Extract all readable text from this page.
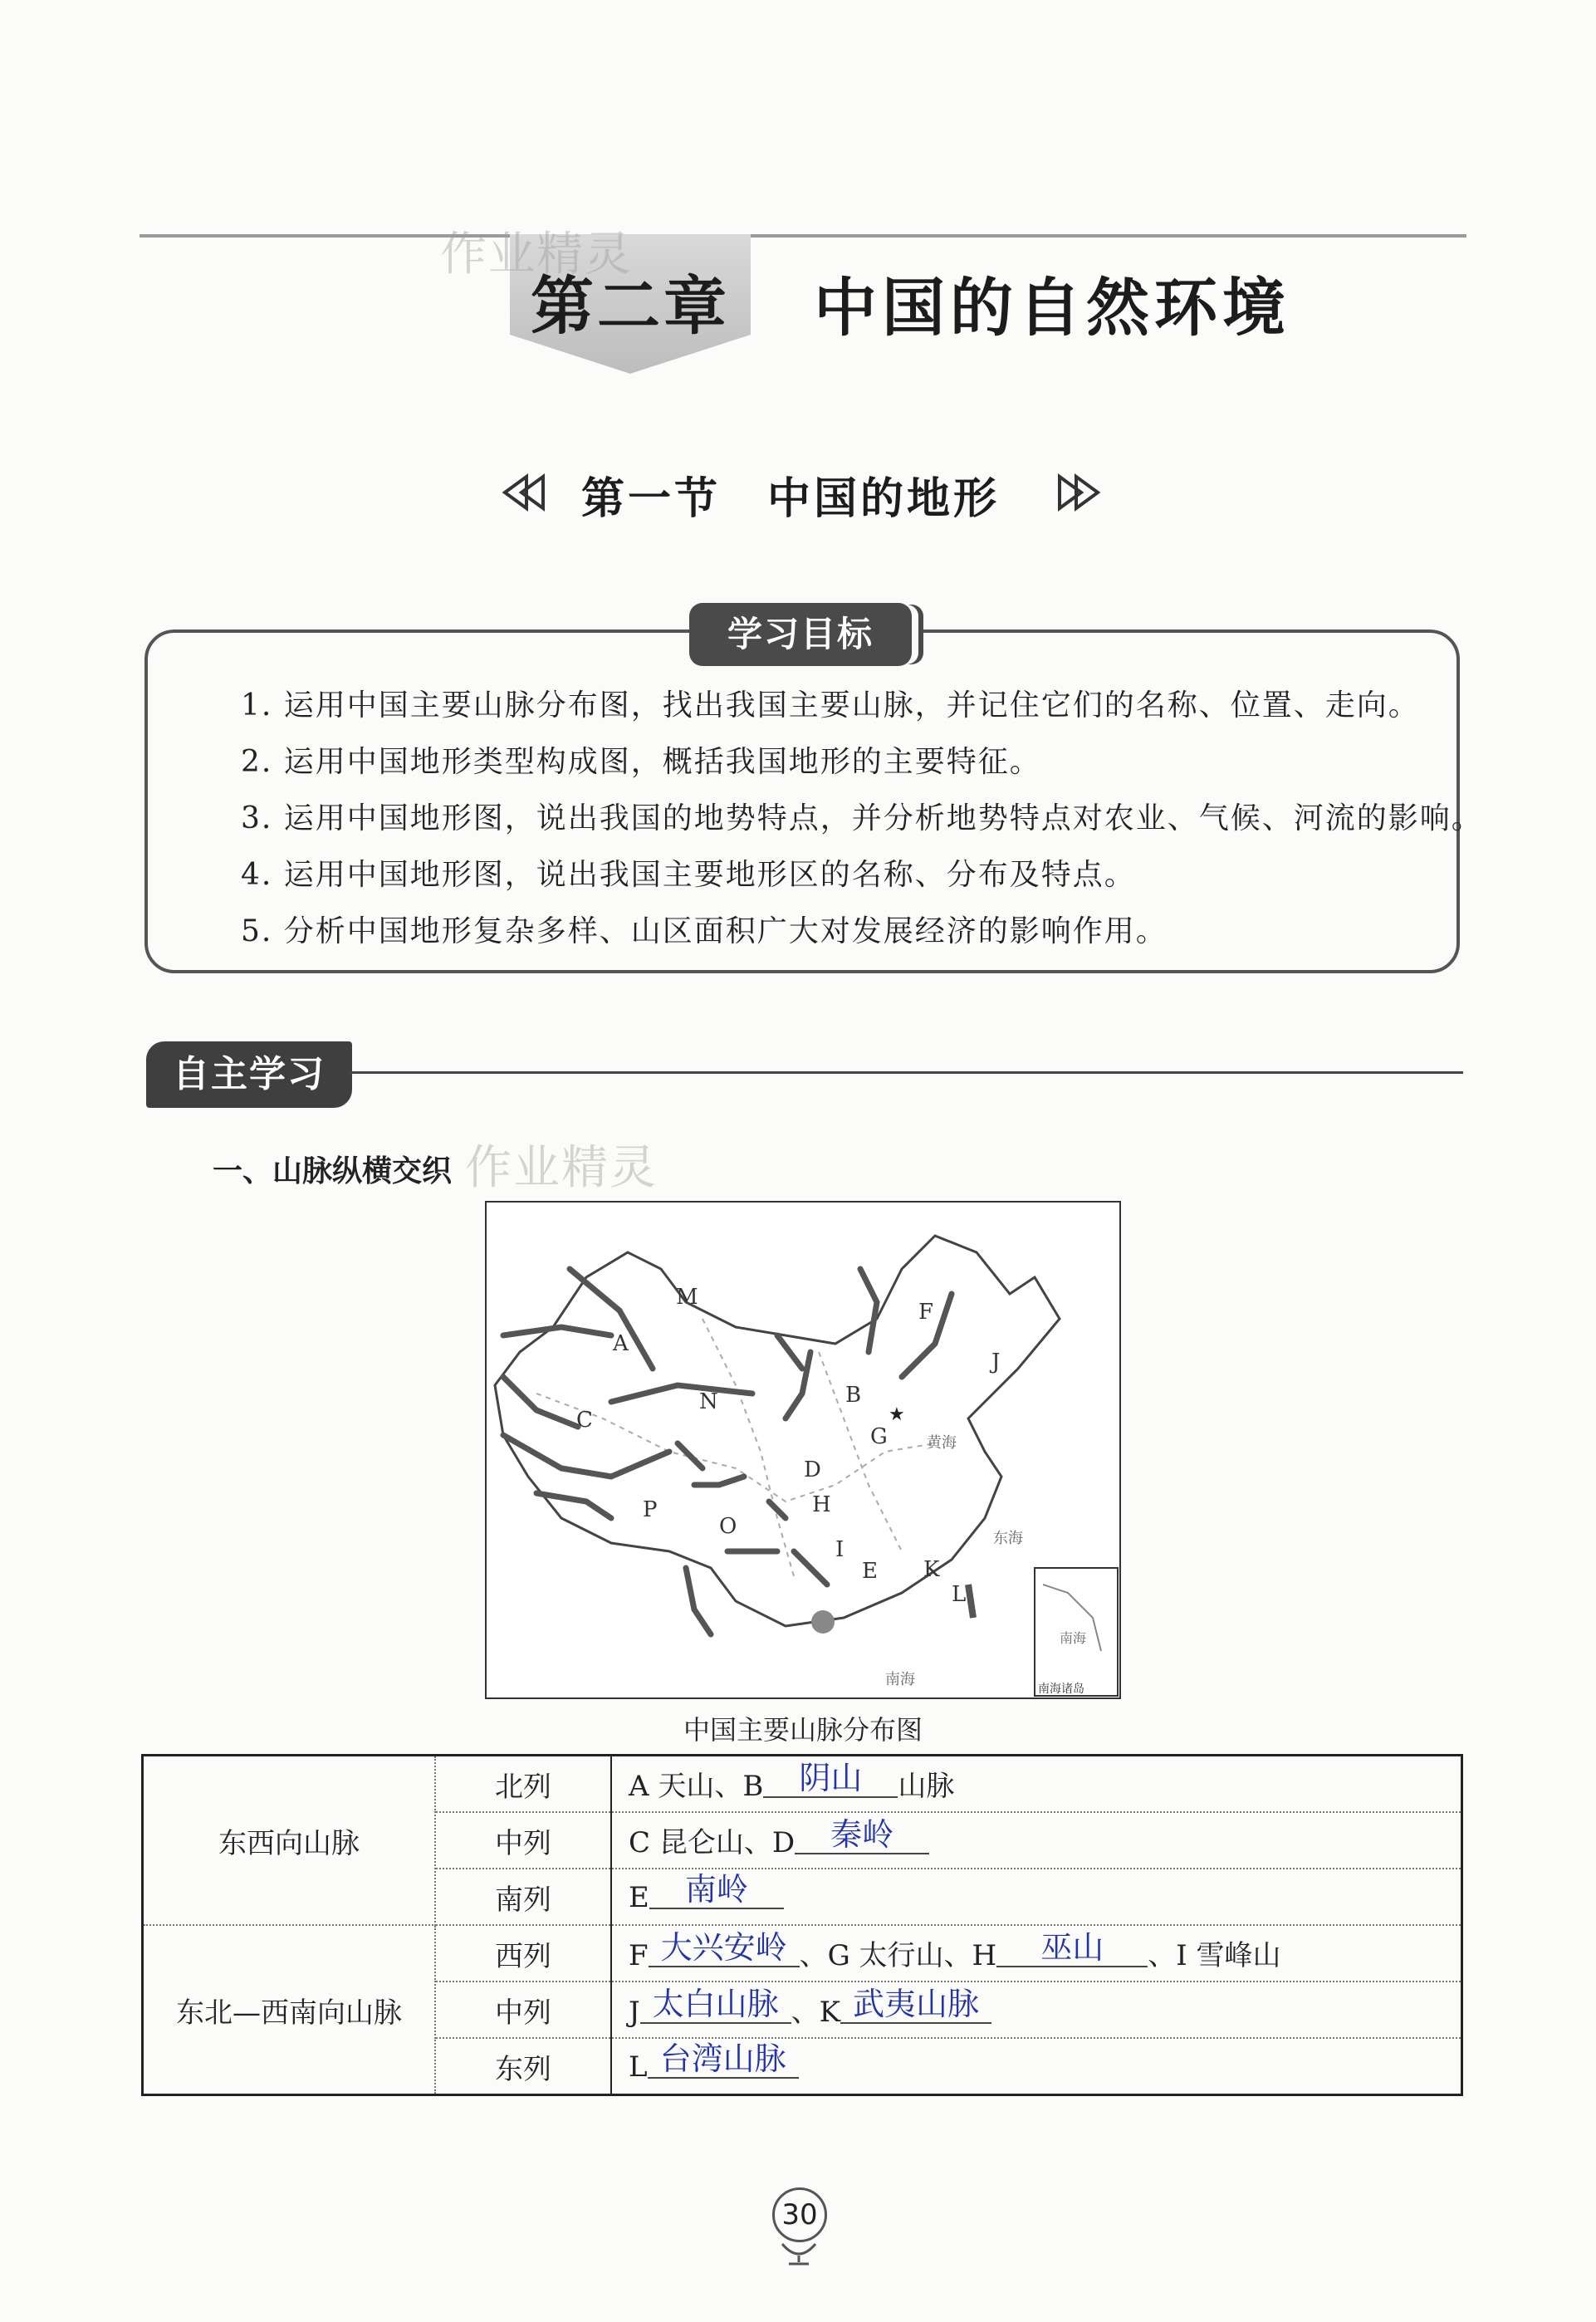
第二章	中国的自然环境
作业精灵
第一节　中国的地形
学习目标
1. 运用中国主要山脉分布图，找出我国主要山脉，并记住它们的名称、位置、走向。
2. 运用中国地形类型构成图，概括我国地形的主要特征。
3. 运用中国地形图，说出我国的地势特点，并分析地势特点对农业、气候、河流的影响。
4. 运用中国地形图，说出我国主要地形区的名称、分布及特点。
5. 分析中国地形复杂多样、山区面积广大对发展经济的影响作用。
自主学习
一、山脉纵横交织 作业精灵
黄海
东海
南海
南海
南海诸岛
★
M
A
F
J
N	B
C
G
D
H
P
O
I
E K
L
中国主要山脉分布图
东西向山脉	北列	A 天山、B 阴山 山脉
	中列	C 昆仑山、D 秦岭
	南列	E 南岭
东北—西南向山脉	西列	F 大兴安岭 、G 太行山、H 巫山 、I 雪峰山
	中列	J 太白山脉 、K 武夷山脉
	东列	L 台湾山脉
30
